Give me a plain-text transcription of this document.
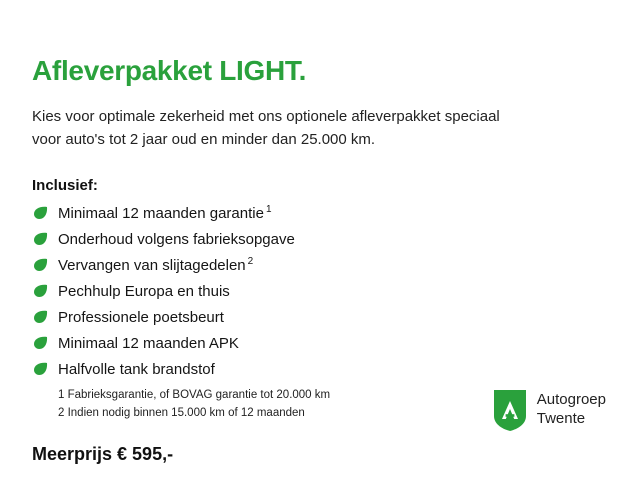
Afleverpakket LIGHT.

Kies voor optimale zekerheid met ons optionele afleverpakket speciaal voor auto's tot 2 jaar oud en minder dan 25.000 km.

Inclusief:
Minimaal 12 maanden garantie $^1$
Onderhoud volgens fabrieksopgave
Vervangen van slijtagedelen $^2$
Pechhulp Europa en thuis
Professionele poetsbeurt
Minimaal 12 maanden APK
Halfvolle tank brandstof
1 Fabrieksgarantie, of BOVAG garantie tot 20.000 km
2 Indien nodig binnen 15.000 km of 12 maanden
Meerprijs € 595,-
Autogroep
Twente
